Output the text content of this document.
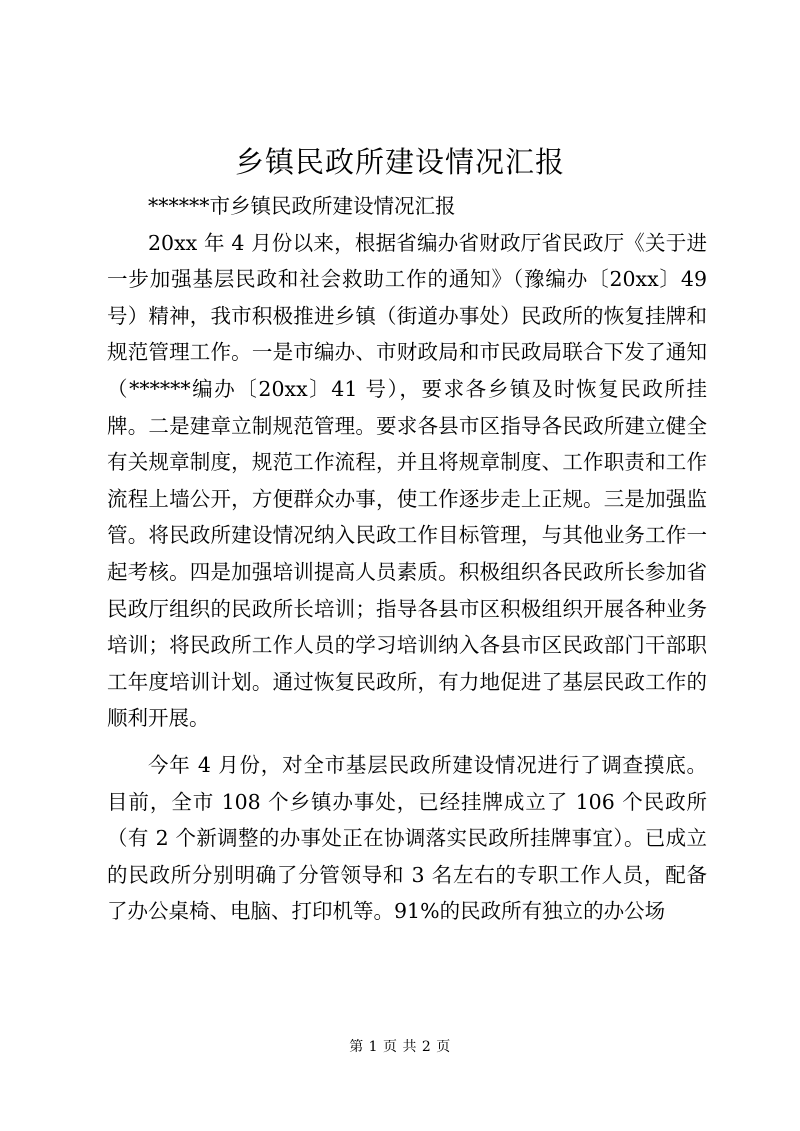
乡镇民政所建设情况汇报

******市乡镇民政所建设情况汇报

20xx 年 4 月份以来，根据省编办省财政厅省民政厅《关于进一步加强基层民政和社会救助工作的通知》（豫编办〔20xx〕49 号）精神，我市积极推进乡镇（街道办事处）民政所的恢复挂牌和规范管理工作。一是市编办、市财政局和市民政局联合下发了通知（******编办〔20xx〕41 号），要求各乡镇及时恢复民政所挂牌。二是建章立制规范管理。要求各县市区指导各民政所建立健全有关规章制度，规范工作流程，并且将规章制度、工作职责和工作流程上墙公开，方便群众办事，使工作逐步走上正规。三是加强监管。将民政所建设情况纳入民政工作目标管理，与其他业务工作一起考核。四是加强培训提高人员素质。积极组织各民政所长参加省民政厅组织的民政所长培训；指导各县市区积极组织开展各种业务培训；将民政所工作人员的学习培训纳入各县市区民政部门干部职工年度培训计划。通过恢复民政所，有力地促进了基层民政工作的顺利开展。

今年 4 月份，对全市基层民政所建设情况进行了调查摸底。目前，全市 108 个乡镇办事处，已经挂牌成立了 106 个民政所（有 2 个新调整的办事处正在协调落实民政所挂牌事宜）。已成立的民政所分别明确了分管领导和 3 名左右的专职工作人员，配备了办公桌椅、电脑、打印机等。91%的民政所有独立的办公场

第 1 页 共 2 页
